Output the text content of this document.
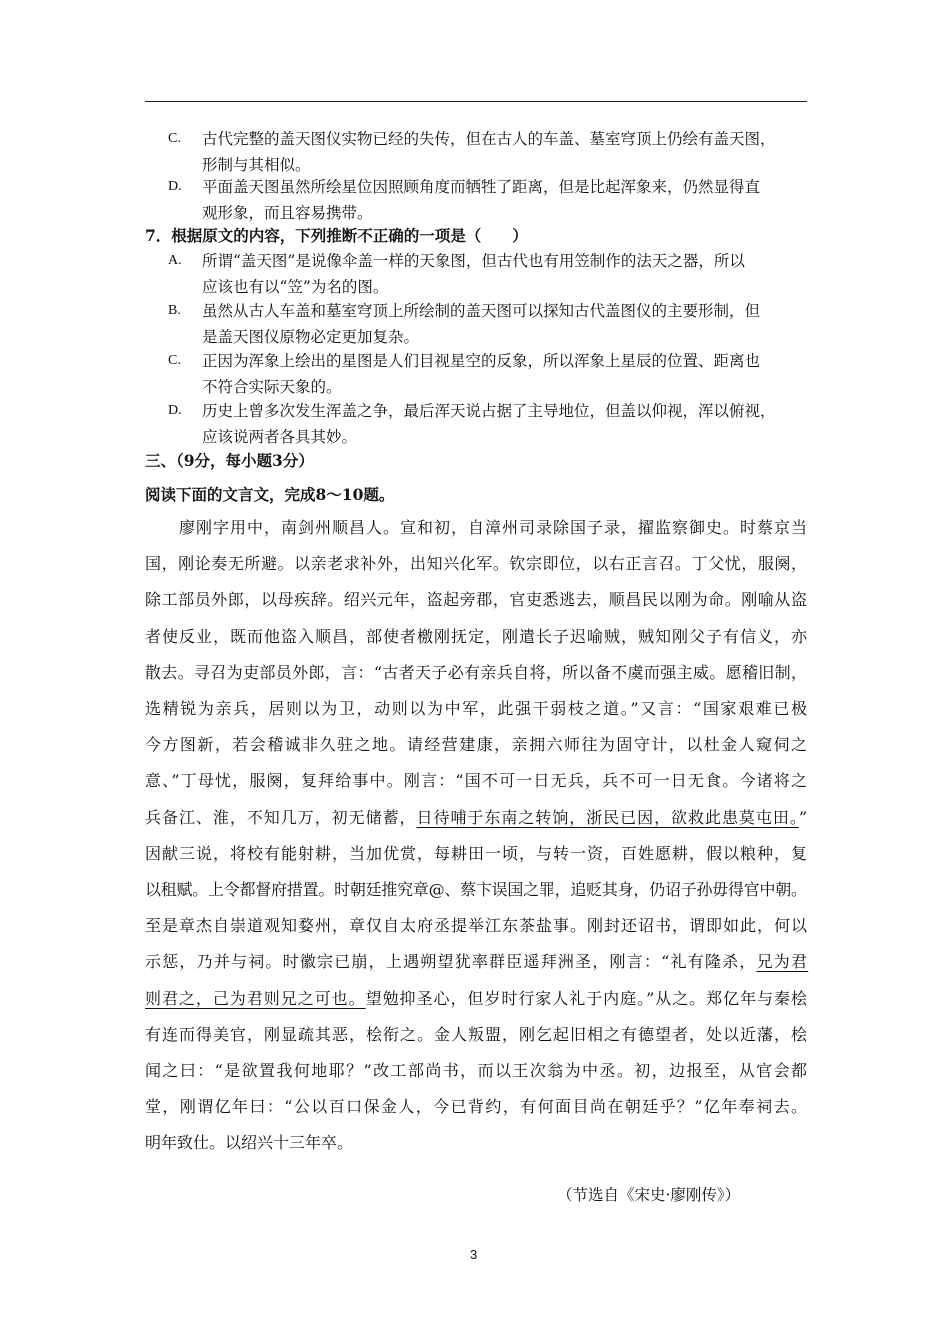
C. 古代完整的盖天图仪实物已经的失传，但在古人的车盖、墓室穹顶上仍绘有盖天图，
形制与其相似。
D. 平面盖天图虽然所绘星位因照顾角度而牺牲了距离，但是比起浑象来，仍然显得直
观形象，而且容易携带。
7．根据原文的内容，下列推断不正确的一项是（　　）
A. 所谓“盖天图”是说像伞盖一样的天象图，但古代也有用笠制作的法天之器，所以
应该也有以“笠”为名的图。
B. 虽然从古人车盖和墓室穹顶上所绘制的盖天图可以探知古代盖图仪的主要形制，但
是盖天图仪原物必定更加复杂。
C. 正因为浑象上绘出的星图是人们目视星空的反象，所以浑象上星辰的位置、距离也
不符合实际天象的。
D. 历史上曾多次发生浑盖之争，最后浑天说占据了主导地位，但盖以仰视，浑以俯视，
应该说两者各具其妙。
三、（9分，每小题3分）
阅读下面的文言文，完成8～10题。
　　廖刚字用中，南剑州顺昌人。宣和初，自漳州司录除国子录，擢监察御史。时蔡京当
国，刚论奏无所避。以亲老求补外，出知兴化军。钦宗即位，以右正言召。丁父忧，服阕，
除工部员外郎，以母疾辞。绍兴元年，盗起旁郡，官吏悉逃去，顺昌民以刚为命。刚喻从盗
者使反业，既而他盗入顺昌，部使者檄刚抚定，刚遣长子迟喻贼，贼知刚父子有信义，亦
散去。寻召为吏部员外郎，言：“古者天子必有亲兵自将，所以备不虞而强主威。愿稽旧制，
选精锐为亲兵，居则以为卫，动则以为中军，此强干弱枝之道。”又言：“国家艰难已极
今方图新，若会稽诚非久驻之地。请经营建康，亲拥六师往为固守计，以杜金人窥伺之
意、”丁母忧，服阕，复拜给事中。刚言：“国不可一日无兵，兵不可一日无食。今诸将之
兵备江、淮，不知几万，初无储蓄，日待哺于东南之转饷，浙民已因，欲救此患莫屯田。”
因献三说，将校有能射耕，当加优赏，每耕田一顷，与转一资，百姓愿耕，假以粮种，复
以租赋。上令都督府措置。时朝廷推究章@、蔡卞误国之罪，追贬其身，仍诏子孙毋得官中朝。
至是章杰自崇道观知婺州，章仅自太府丞提举江东茶盐事。刚封还诏书，谓即如此，何以
示惩，乃并与祠。时徽宗已崩，上遇朔望犹率群臣遥拜洲圣，刚言：“礼有隆杀，兄为君
则君之，己为君则兄之可也。望勉抑圣心，但岁时行家人礼于内庭。”从之。郑亿年与秦桧
有连而得美官，刚显疏其恶，桧衔之。金人叛盟，刚乞起旧相之有德望者，处以近藩，桧
闻之曰：“是欲置我何地耶？”改工部尚书，而以王次翁为中丞。初，边报至，从官会都
堂，刚谓亿年曰：“公以百口保金人，今已背约，有何面目尚在朝廷乎？”亿年奉祠去。
明年致仕。以绍兴十三年卒。
（节选自《宋史·廖刚传》）
3
